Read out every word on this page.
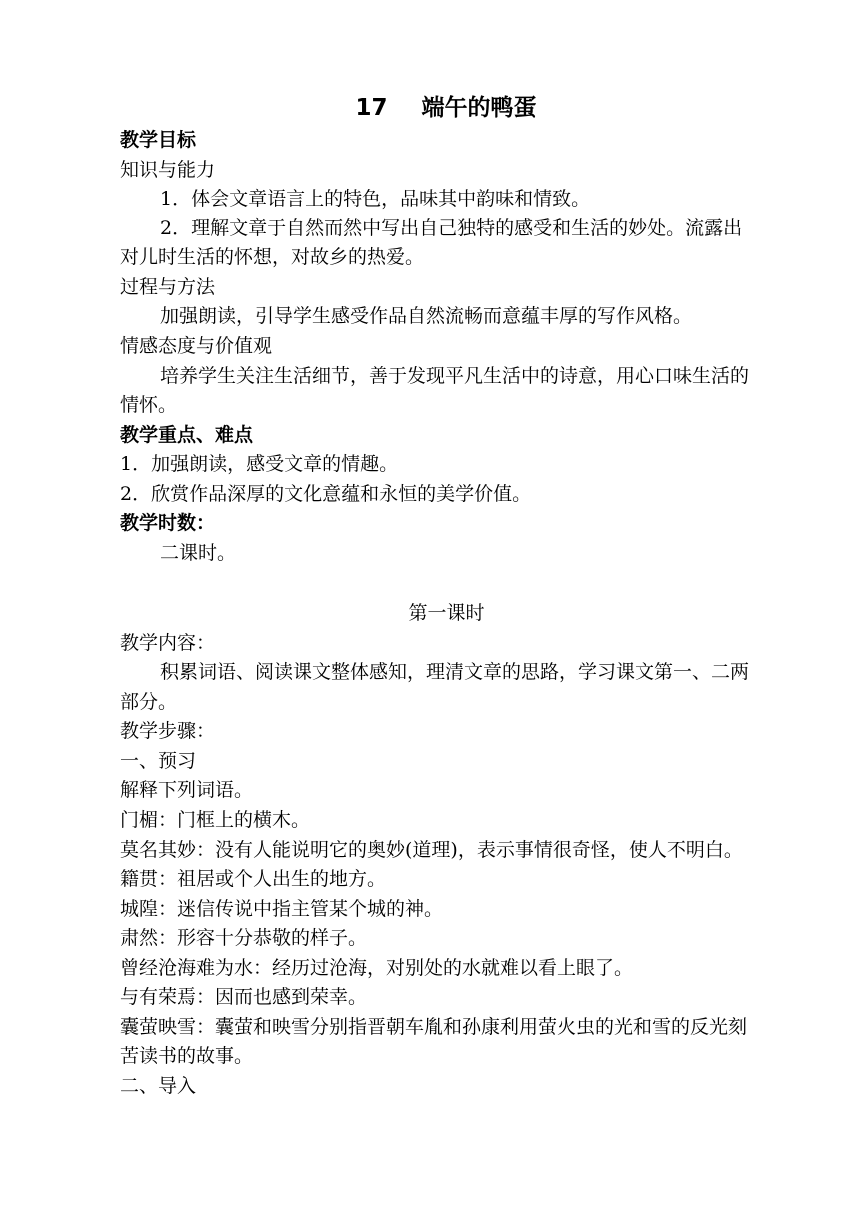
17 端午的鸭蛋
教学目标
知识与能力
1．体会文章语言上的特色，品味其中韵味和情致。
2．理解文章于自然而然中写出自己独特的感受和生活的妙处。流露出
对儿时生活的怀想，对故乡的热爱。
过程与方法
加强朗读，引导学生感受作品自然流畅而意蕴丰厚的写作风格。
情感态度与价值观
培养学生关注生活细节，善于发现平凡生活中的诗意，用心口味生活的
情怀。
教学重点、难点
1．加强朗读，感受文章的情趣。
2．欣赏作品深厚的文化意蕴和永恒的美学价值。
教学时数：
二课时。
第一课时
教学内容：
积累词语、阅读课文整体感知，理清文章的思路，学习课文第一、二两
部分。
教学步骤：
一、预习
解释下列词语。
门楣：门框上的横木。
莫名其妙：没有人能说明它的奥妙(道理)，表示事情很奇怪，使人不明白。
籍贯：祖居或个人出生的地方。
城隍：迷信传说中指主管某个城的神。
肃然：形容十分恭敬的样子。
曾经沧海难为水：经历过沧海，对别处的水就难以看上眼了。
与有荣焉：因而也感到荣幸。
囊萤映雪：囊萤和映雪分别指晋朝车胤和孙康利用萤火虫的光和雪的反光刻
苦读书的故事。
二、导入
